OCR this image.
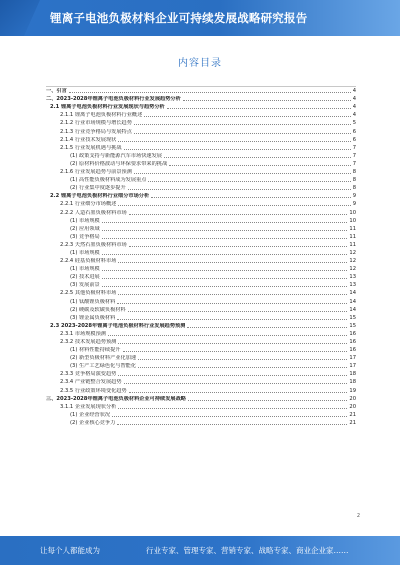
锂离子电池负极材料企业可持续发展战略研究报告
内容目录
一、引言	4
二、2023-2028年锂离子电池负极材料行业发展趋势分析	4
2.1 锂离子电池负极材料行业发展现状与趋势分析	4
2.1.1 锂离子电池负极材料行业概述	4
2.1.2 行业市场规模与增长趋势	5
2.1.3 行业竞争格局与发展特点	6
2.1.4 行业技术发展现状	6
2.1.5 行业发展机遇与挑战	7
(1) 政策支持与新能源汽车市场快速发展	7
(2) 原材料价格波动与环保要求带来的挑战	7
2.1.6 行业发展趋势与前景预测	8
(1) 高性能负极材料成为发展重点	8
(2) 行业集中度逐步提升	8
2.2 锂离子电池负极材料行业细分市场分析	9
2.2.1 行业细分市场概述	9
2.2.2 人造石墨负极材料市场	10
(1) 市场规模	10
(2) 应用领域	11
(3) 竞争格局	11
2.2.3 天然石墨负极材料市场	11
(1) 市场规模	12
2.2.4 硅基负极材料市场	12
(1) 市场规模	12
(2) 技术进展	13
(3) 发展前景	13
2.2.5 其他负极材料市场	14
(1) 钛酸锂负极材料	14
(2) 硬碳及软碳负极材料	14
(3) 锂金属负极材料	15
2.3 2023-2028年锂离子电池负极材料行业发展趋势预测	15
2.3.1 市场规模预测	16
2.3.2 技术发展趋势预测	16
(1) 材料性能持续提升	16
(2) 新型负极材料产业化加速	17
(3) 生产工艺绿色化与智能化	17
2.3.3 竞争格局演变趋势	18
2.3.4 产业链整合发展趋势	18
2.3.5 行业政策环境变化趋势	19
三、2023-2028年锂离子电池负极材料企业可持续发展战略	20
3.1.1 企业发展现状分析	20
(1) 企业经营状况	21
(2) 企业核心竞争力	21
2
让每个人都能成为	行业专家、管理专家、营销专家、战略专家、商业企业家……
